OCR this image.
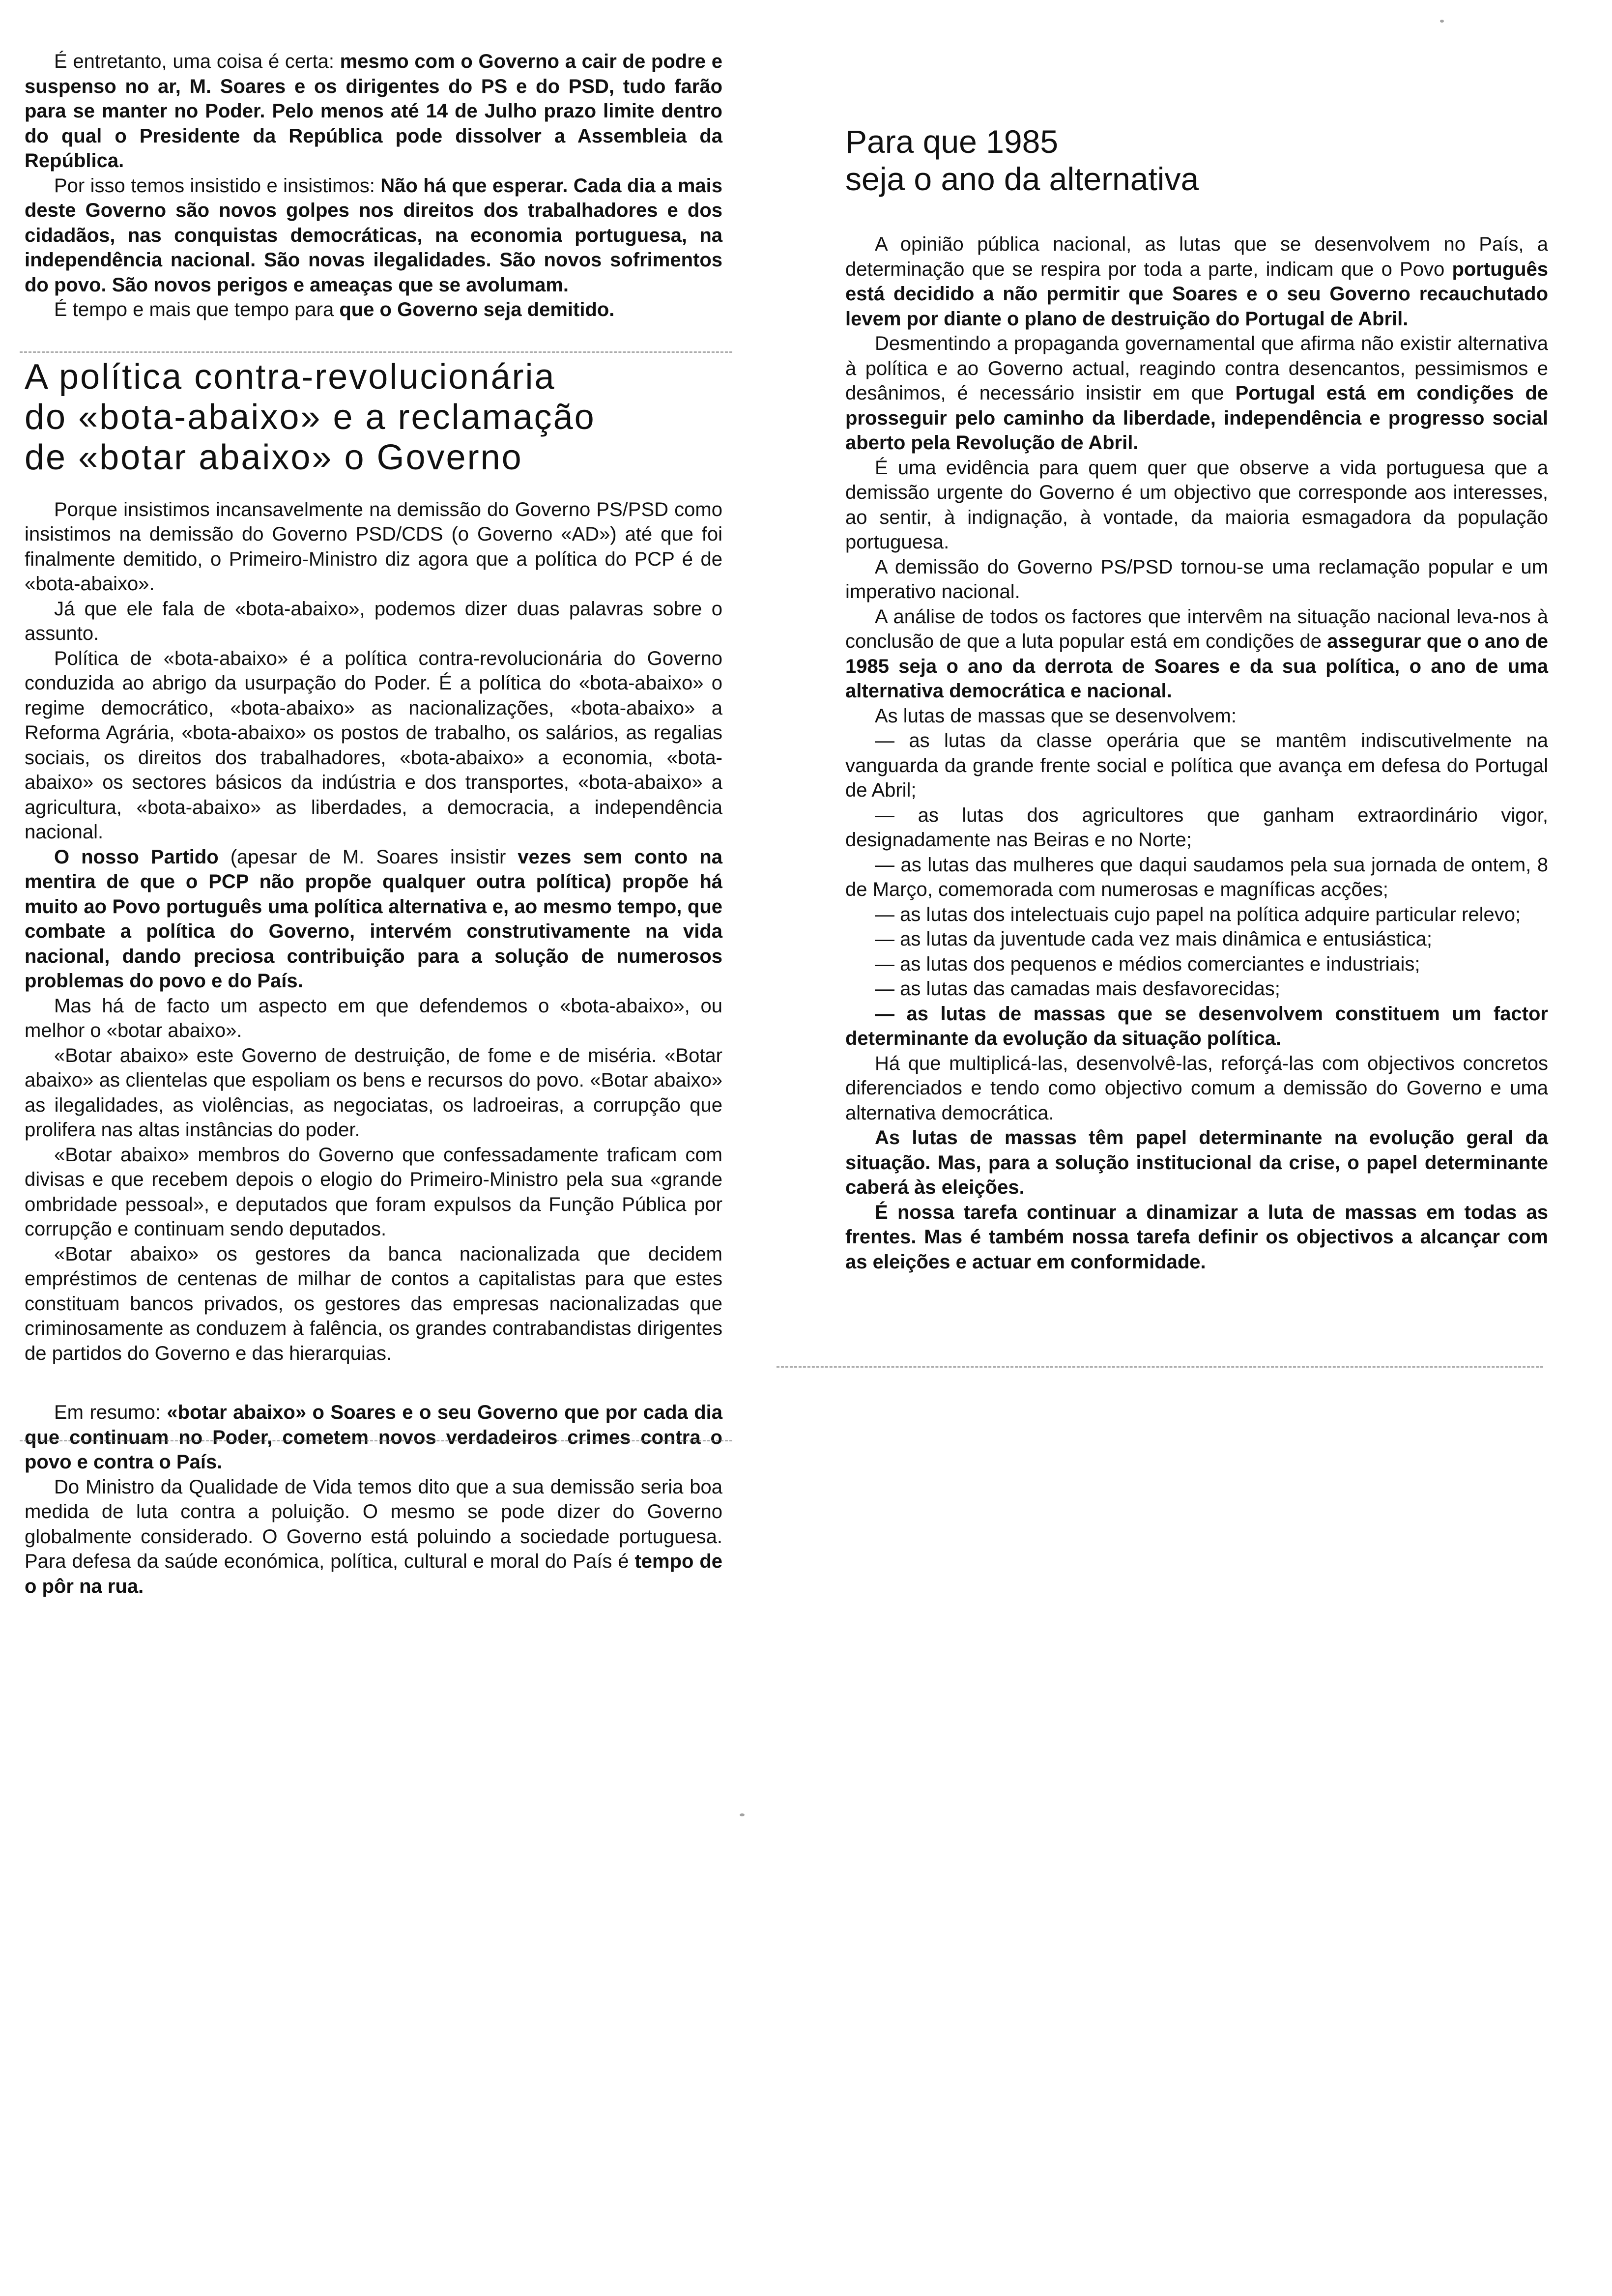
É entretanto, uma coisa é certa: mesmo com o Governo a cair de podre e suspenso no ar, M. Soares e os dirigentes do PS e do PSD, tudo farão para se manter no Poder. Pelo menos até 14 de Julho prazo limite dentro do qual o Presidente da República pode dissolver a Assembleia da República.

Por isso temos insistido e insistimos: Não há que esperar. Cada dia a mais deste Governo são novos golpes nos direitos dos trabalhadores e dos cidadãos, nas conquistas democráticas, na economia portuguesa, na independência nacional. São novas ilegalidades. São novos sofrimentos do povo. São novos perigos e ameaças que se avolumam.

É tempo e mais que tempo para que o Governo seja demitido.

A política contra-revolucionária
do «bota-abaixo» e a reclamação
de «botar abaixo» o Governo

Porque insistimos incansavelmente na demissão do Governo PS/PSD como insistimos na demissão do Governo PSD/CDS (o Governo «AD») até que foi finalmente demitido, o Primeiro-Ministro diz agora que a política do PCP é de «bota-abaixo».

Já que ele fala de «bota-abaixo», podemos dizer duas palavras sobre o assunto.

Política de «bota-abaixo» é a política contra-revolucionária do Governo conduzida ao abrigo da usurpação do Poder. É a política do «bota-abaixo» o regime democrático, «bota-abaixo» as nacionalizações, «bota-abaixo» a Reforma Agrária, «bota-abaixo» os postos de trabalho, os salários, as regalias sociais, os direitos dos trabalhadores, «bota-abaixo» a economia, «bota-abaixo» os sectores básicos da indústria e dos transportes, «bota-abaixo» a agricultura, «bota-abaixo» as liberdades, a democracia, a independência nacional.

O nosso Partido (apesar de M. Soares insistir vezes sem conto na mentira de que o PCP não propõe qualquer outra política) propõe há muito ao Povo português uma política alternativa e, ao mesmo tempo, que combate a política do Governo, intervém construtivamente na vida nacional, dando preciosa contribuição para a solução de numerosos problemas do povo e do País.

Mas há de facto um aspecto em que defendemos o «bota-abaixo», ou melhor o «botar abaixo».

«Botar abaixo» este Governo de destruição, de fome e de miséria. «Botar abaixo» as clientelas que espoliam os bens e recursos do povo. «Botar abaixo» as ilegalidades, as violências, as negociatas, os ladroeiras, a corrupção que prolifera nas altas instâncias do poder.

«Botar abaixo» membros do Governo que confessadamente traficam com divisas e que recebem depois o elogio do Primeiro-Ministro pela sua «grande ombridade pessoal», e deputados que foram expulsos da Função Pública por corrupção e continuam sendo deputados.

«Botar abaixo» os gestores da banca nacionalizada que decidem empréstimos de centenas de milhar de contos a capitalistas para que estes constituam bancos privados, os gestores das empresas nacionalizadas que criminosamente as conduzem à falência, os grandes contrabandistas dirigentes de partidos do Governo e das hierarquias.

Em resumo: «botar abaixo» o Soares e o seu Governo que por cada dia que continuam no Poder, cometem novos verdadeiros crimes contra o povo e contra o País.

Do Ministro da Qualidade de Vida temos dito que a sua demissão seria boa medida de luta contra a poluição. O mesmo se pode dizer do Governo globalmente considerado. O Governo está poluindo a sociedade portuguesa. Para defesa da saúde económica, política, cultural e moral do País é tempo de o pôr na rua.

Para que 1985
seja o ano da alternativa

A opinião pública nacional, as lutas que se desenvolvem no País, a determinação que se respira por toda a parte, indicam que o Povo português está decidido a não permitir que Soares e o seu Governo recauchutado levem por diante o plano de destruição do Portugal de Abril.

Desmentindo a propaganda governamental que afirma não existir alternativa à política e ao Governo actual, reagindo contra desencantos, pessimismos e desânimos, é necessário insistir em que Portugal está em condições de prosseguir pelo caminho da liberdade, independência e progresso social aberto pela Revolução de Abril.

É uma evidência para quem quer que observe a vida portuguesa que a demissão urgente do Governo é um objectivo que corresponde aos interesses, ao sentir, à indignação, à vontade, da maioria esmagadora da população portuguesa.

A demissão do Governo PS/PSD tornou-se uma reclamação popular e um imperativo nacional.

A análise de todos os factores que intervêm na situação nacional leva-nos à conclusão de que a luta popular está em condições de assegurar que o ano de 1985 seja o ano da derrota de Soares e da sua política, o ano de uma alternativa democrática e nacional.

As lutas de massas que se desenvolvem:

— as lutas da classe operária que se mantêm indiscutivelmente na vanguarda da grande frente social e política que avança em defesa do Portugal de Abril;

— as lutas dos agricultores que ganham extraordinário vigor, designadamente nas Beiras e no Norte;

— as lutas das mulheres que daqui saudamos pela sua jornada de ontem, 8 de Março, comemorada com numerosas e magníficas acções;

— as lutas dos intelectuais cujo papel na política adquire particular relevo;

— as lutas da juventude cada vez mais dinâmica e entusiástica;

— as lutas dos pequenos e médios comerciantes e industriais;

— as lutas das camadas mais desfavorecidas;

— as lutas de massas que se desenvolvem constituem um factor determinante da evolução da situação política.

Há que multiplicá-las, desenvolvê-las, reforçá-las com objectivos concretos diferenciados e tendo como objectivo comum a demissão do Governo e uma alternativa democrática.

As lutas de massas têm papel determinante na evolução geral da situação. Mas, para a solução institucional da crise, o papel determinante caberá às eleições.

É nossa tarefa continuar a dinamizar a luta de massas em todas as frentes. Mas é também nossa tarefa definir os objectivos a alcançar com as eleições e actuar em conformidade.
